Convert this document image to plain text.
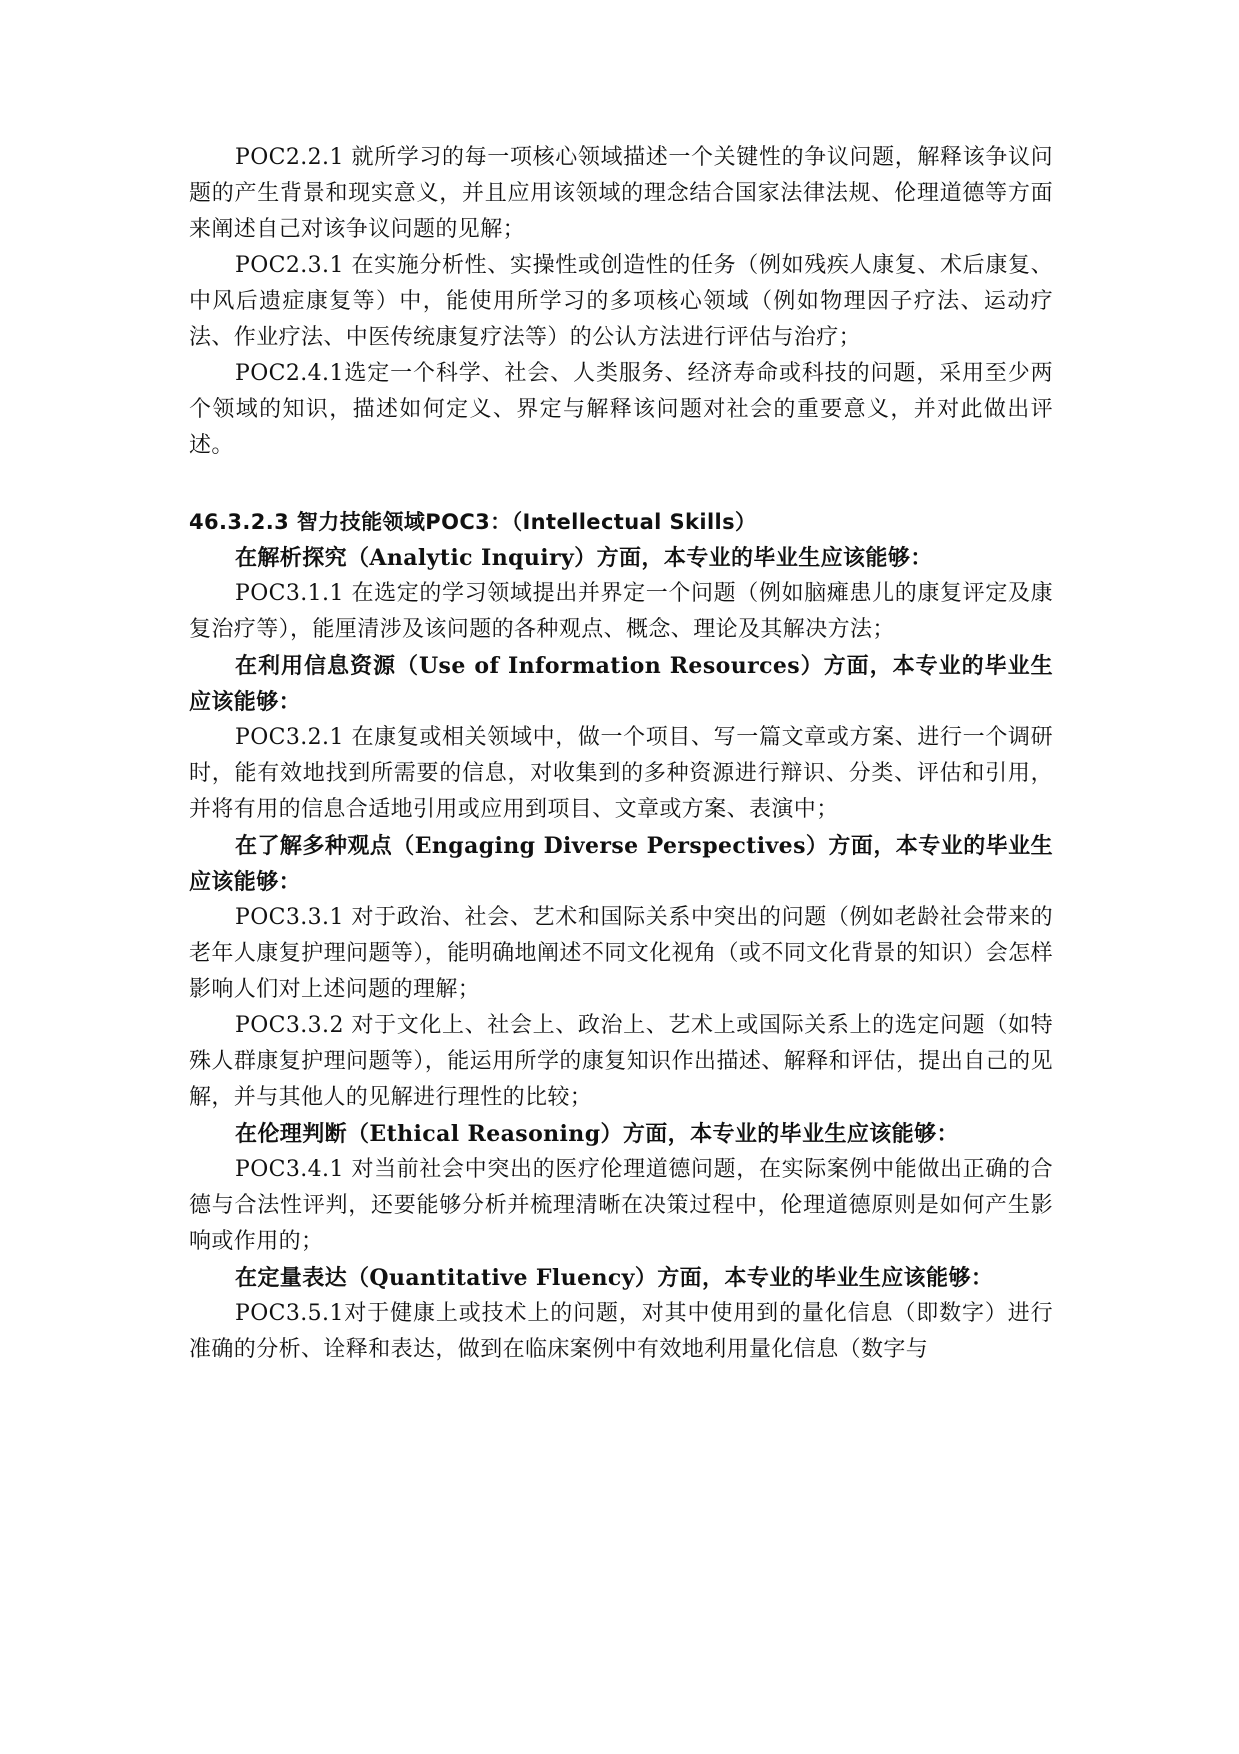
POC2.2.1 就所学习的每一项核心领域描述一个关键性的争议问题，解释该争议问题的产生背景和现实意义，并且应用该领域的理念结合国家法律法规、伦理道德等方面来阐述自己对该争议问题的见解；

POC2.3.1 在实施分析性、实操性或创造性的任务（例如残疾人康复、术后康复、中风后遗症康复等）中，能使用所学习的多项核心领域（例如物理因子疗法、运动疗法、作业疗法、中医传统康复疗法等）的公认方法进行评估与治疗；

POC2.4.1选定一个科学、社会、人类服务、经济寿命或科技的问题，采用至少两个领域的知识，描述如何定义、界定与解释该问题对社会的重要意义，并对此做出评述。

46.3.2.3 智力技能领域POC3：（Intellectual Skills）

在解析探究（Analytic Inquiry）方面，本专业的毕业生应该能够：

POC3.1.1 在选定的学习领域提出并界定一个问题（例如脑瘫患儿的康复评定及康复治疗等），能厘清涉及该问题的各种观点、概念、理论及其解决方法；

在利用信息资源（Use of Information Resources）方面，本专业的毕业生应该能够：

POC3.2.1 在康复或相关领域中，做一个项目、写一篇文章或方案、进行一个调研时，能有效地找到所需要的信息，对收集到的多种资源进行辩识、分类、评估和引用，并将有用的信息合适地引用或应用到项目、文章或方案、表演中；

在了解多种观点（Engaging Diverse Perspectives）方面，本专业的毕业生应该能够：

POC3.3.1 对于政治、社会、艺术和国际关系中突出的问题（例如老龄社会带来的老年人康复护理问题等），能明确地阐述不同文化视角（或不同文化背景的知识）会怎样影响人们对上述问题的理解；

POC3.3.2 对于文化上、社会上、政治上、艺术上或国际关系上的选定问题（如特殊人群康复护理问题等），能运用所学的康复知识作出描述、解释和评估，提出自己的见解，并与其他人的见解进行理性的比较；

在伦理判断（Ethical Reasoning）方面，本专业的毕业生应该能够：

POC3.4.1 对当前社会中突出的医疗伦理道德问题，在实际案例中能做出正确的合德与合法性评判，还要能够分析并梳理清晰在决策过程中，伦理道德原则是如何产生影响或作用的；

在定量表达（Quantitative Fluency）方面，本专业的毕业生应该能够：

POC3.5.1对于健康上或技术上的问题，对其中使用到的量化信息（即数字）进行准确的分析、诠释和表达，做到在临床案例中有效地利用量化信息（数字与
